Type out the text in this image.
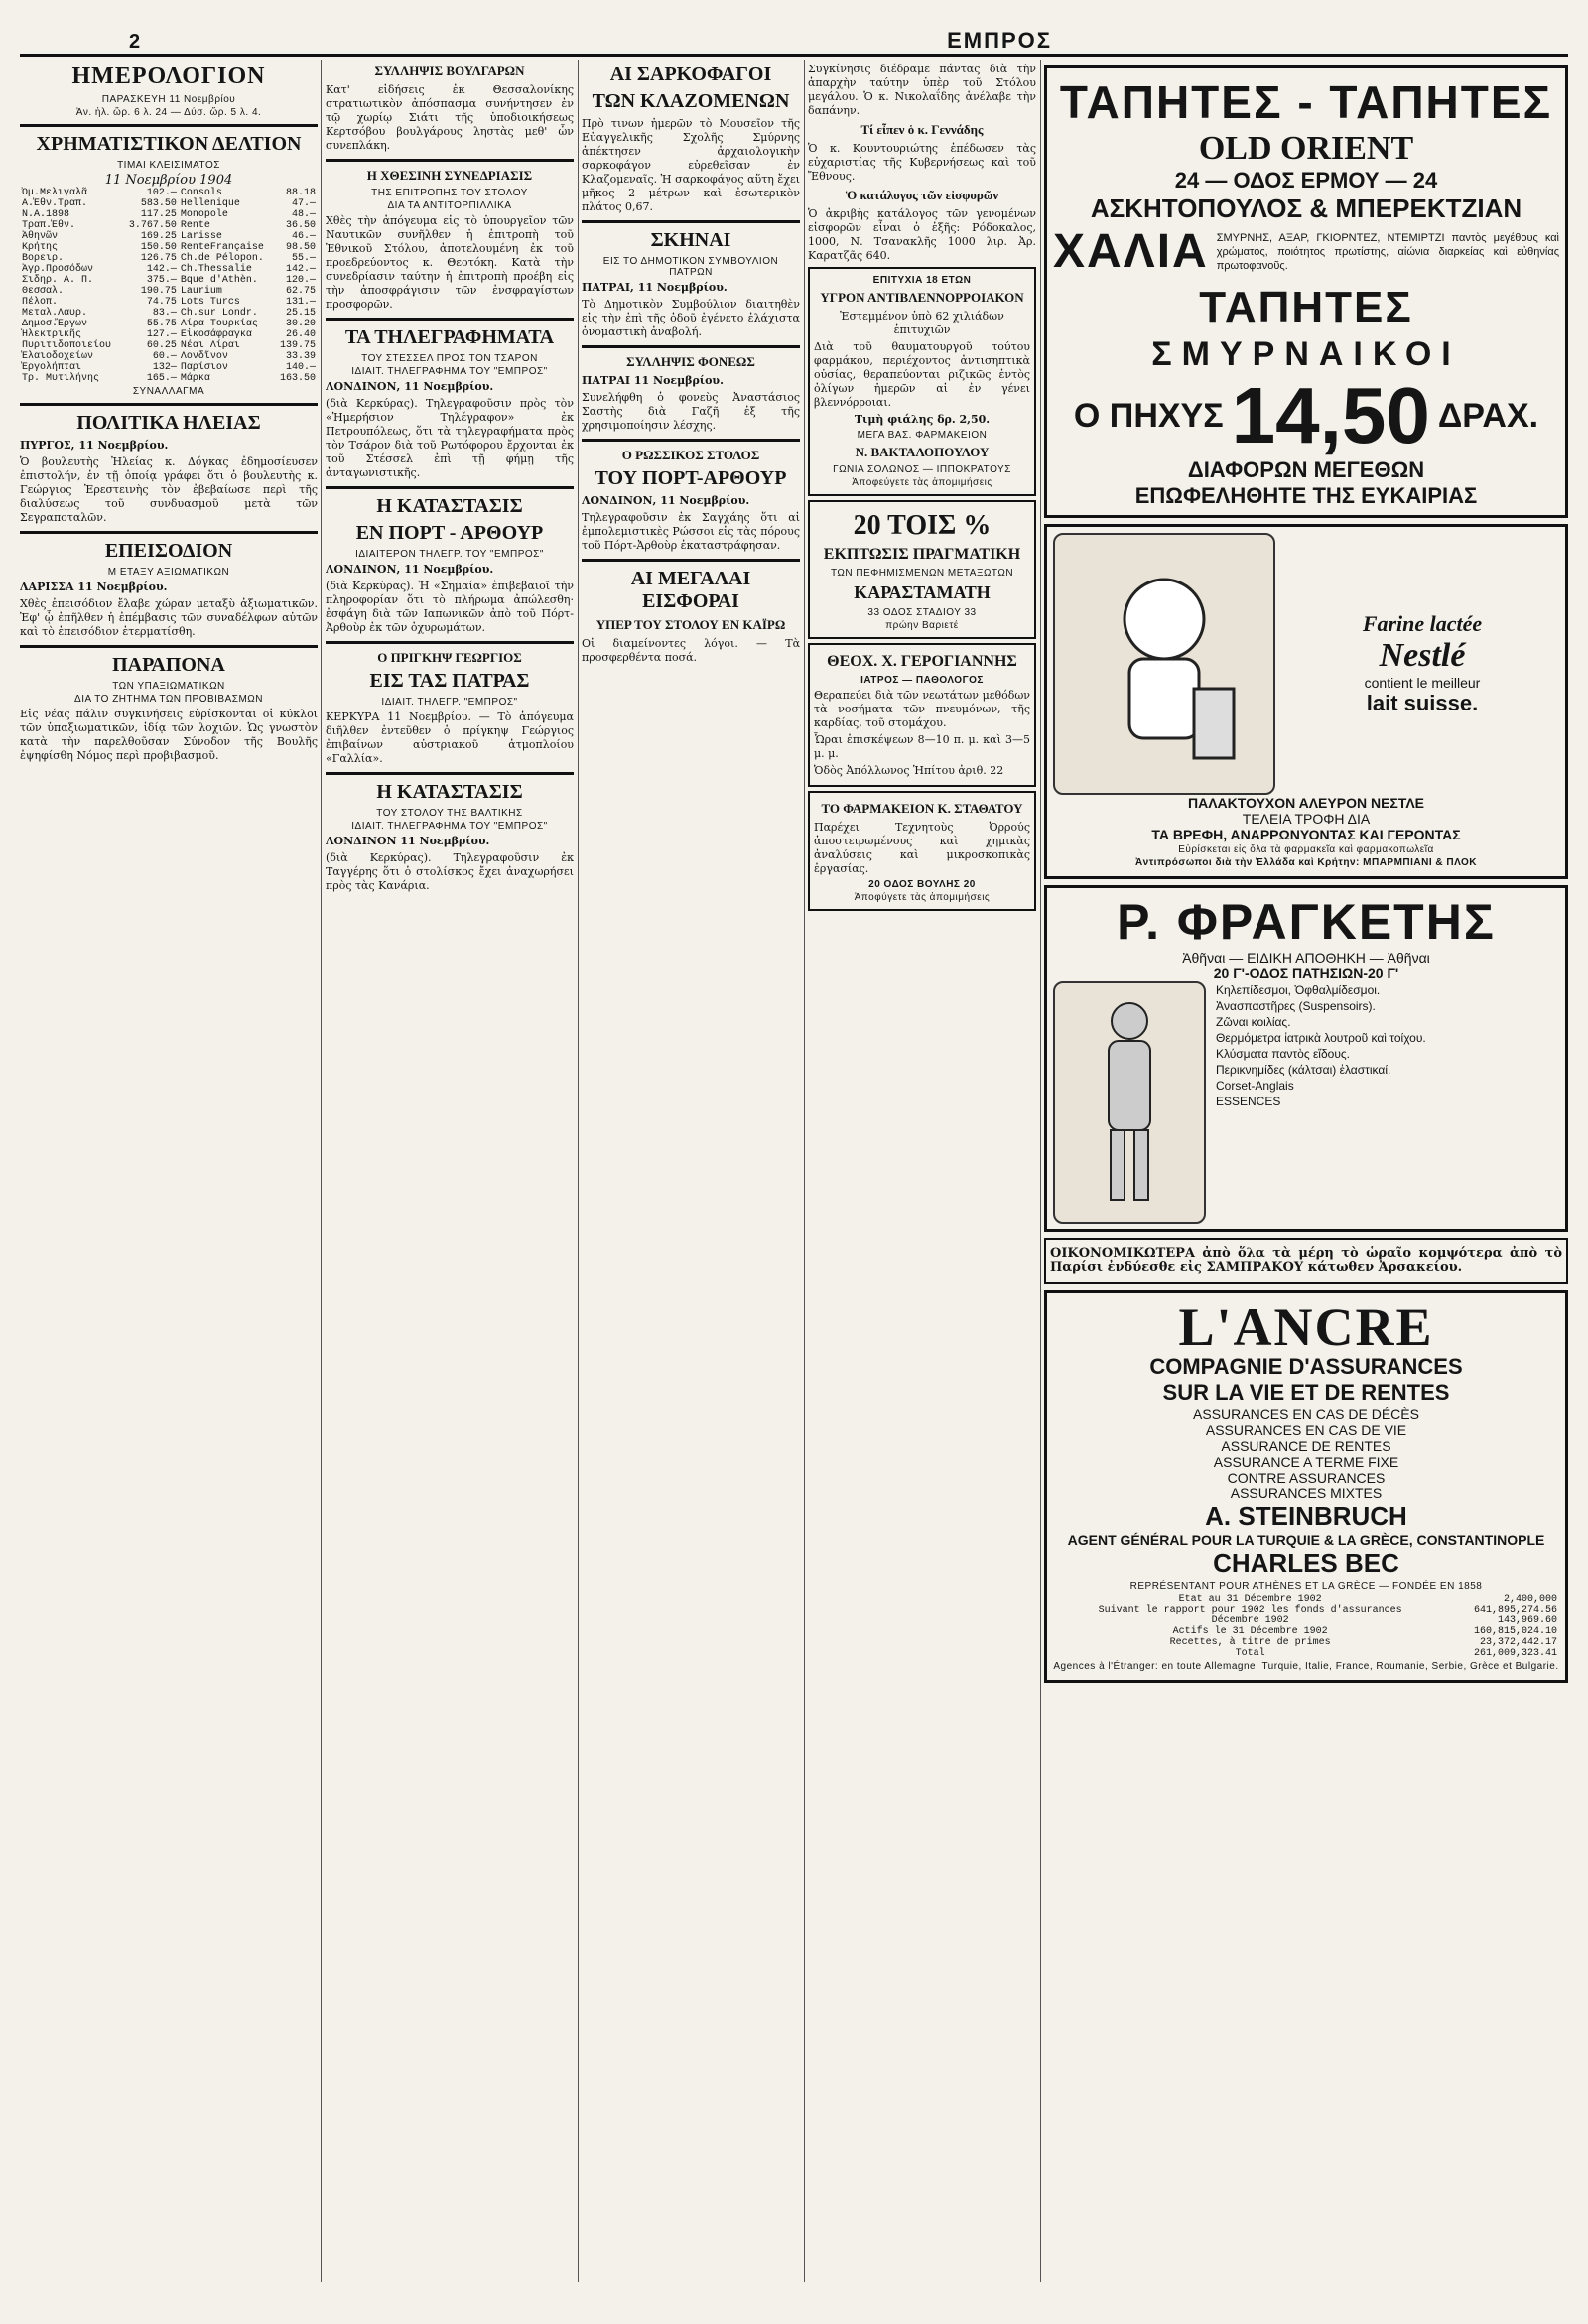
2	ΕΜΠΡΟΣ
ΗΜΕΡΟΛΟΓΙΟΝ
ΠΑΡΑΣΚΕΥΗ 11 Νοεμβρίου
Ἀν. ἡλ. ὥρ. 6 λ. 24 — Δύσ. ὥρ. 5 λ. 4.
ΧΡΗΜΑΤΙΣΤΙΚΟΝ ΔΕΛΤΙΟΝ
ΤΙΜΑΙ ΚΛΕΙΣΙΜΑΤΟΣ
11 Νοεμβρίου 1904
Ὀμ.Μελιγαλᾶ	102.—	Consols	88.18
Α.Ἐθν.Τραπ.	583.50	Hellenique	47.—
Ν.Α.1898	117.25	Monopole	48.—
Τραπ.Ἐθν.	3.767.50	Rente	36.50
Ἀθηνῶν	169.25	Larisse	46.—
Κρήτης	150.50	RenteFrançaise	98.50
Βορειρ.	126.75	Ch.de Pélopon.	55.—
Ἀγρ.Προσόδων	142.—	Ch.Thessalie	142.—
Σιδηρ. Α. Π.	375.—	Bque d'Athèn.	120.—
Θεσσαλ.	190.75	Laurium	62.75
Πέλοπ.	74.75	Lots Turcs	131.—
Μεταλ.Λαυρ.	83.—	Ch.sur Londr.	25.15
Δημοσ.Ἔργων	55.75	Λίρα Τουρκίας	30.20
Ἠλεκτρικῆς	127.—	Εἰκοσάφραγκα	26.40
Πυριτιδοποιείου	60.25	Νέαι Λίραι	139.75
Ἐλαιοδοχείων	60.—	Λονδῖνον	33.39
Ἐργολήπται	132—	Παρίσιον	140.—
Τρ. Μυτιλήνης	165.—	Μάρκα	163.50
ΣΥΝΑΛΛΑΓΜΑ
ΠΟΛΙΤΙΚΑ ΗΛΕΙΑΣ
ΠΥΡΓΟΣ, 11 Νοεμβρίου.
Ὁ βουλευτὴς Ἠλείας κ. Δόγκας ἐδημοσίευσεν ἐπιστολήν, ἐν τῇ ὁποίᾳ γράφει ὅτι ὁ βουλευτὴς κ. Γεώργιος Ἐρεστεινὴς τὸν ἐβεβαίωσε περὶ τῆς διαλύσεως τοῦ συνδυασμοῦ μετὰ τῶν Σεγραποταλῶν.
ΕΠΕΙΣΟΔΙΟΝ
Μ ΕΤΑΞΥ ΑΞΙΩΜΑΤΙΚΩΝ
ΛΑΡΙΣΣΑ 11 Νοεμβρίου.
Χθὲς ἐπεισόδιον ἔλαβε χώραν μεταξὺ ἀξιωματικῶν. Ἐφ' ᾧ ἐπῆλθεν ἡ ἐπέμβασις τῶν συναδέλφων αὐτῶν καὶ τὸ ἐπεισόδιον ἐτερματίσθη.
ΠΑΡΑΠΟΝΑ
ΤΩΝ ΥΠΑΞΙΩΜΑΤΙΚΩΝ
ΔΙΑ ΤΟ ΖΗΤΗΜΑ ΤΩΝ ΠΡΟΒΙΒΑΣΜΩΝ
Εἰς νέας πάλιν συγκινήσεις εὑρίσκονται οἱ κύκλοι τῶν ὑπαξιωματικῶν, ἰδίᾳ τῶν λοχιῶν. Ὡς γνωστὸν κατὰ τὴν παρελθοῦσαν Σύνοδον τῆς Βουλῆς ἐψηφίσθη Νόμος περὶ προβιβασμοῦ.
ΣΥΛΛΗΨΙΣ ΒΟΥΛΓΑΡΩΝ
Κατ' εἰδήσεις ἐκ Θεσσαλονίκης στρατιωτικὸν ἀπόσπασμα συνήντησεν ἐν τῷ χωρίῳ Σιάτι τῆς ὑποδιοικήσεως Κερτσόβου βουλγάρους ληστὰς μεθ' ὧν συνεπλάκη.
Η ΧΘΕΣΙΝΗ ΣΥΝΕΔΡΙΑΣΙΣ
ΤΗΣ ΕΠΙΤΡΟΠΗΣ ΤΟΥ ΣΤΟΛΟΥ
ΔΙΑ ΤΑ ΑΝΤΙΤΟΡΠΙΛΛΙΚΑ
Χθὲς τὴν ἀπόγευμα εἰς τὸ ὑπουργεῖον τῶν Ναυτικῶν συνῆλθεν ἡ ἐπιτροπὴ τοῦ Ἐθνικοῦ Στόλου, ἀποτελουμένη ἐκ τοῦ προεδρεύοντος κ. Θεοτόκη. Κατὰ τὴν συνεδρίασιν ταύτην ἡ ἐπιτροπὴ προέβη εἰς τὴν ἀποσφράγισιν τῶν ἐνσφραγίστων προσφορῶν.
ΤΑ ΤΗΛΕΓΡΑΦΗΜΑΤΑ
ΤΟΥ ΣΤΕΣΣΕΛ ΠΡΟΣ ΤΟΝ ΤΣΑΡΟΝ
ΙΔΙΑΙΤ. ΤΗΛΕΓΡΑΦΗΜΑ ΤΟΥ "ΕΜΠΡΟΣ"
ΛΟΝΔΙΝΟΝ, 11 Νοεμβρίου.
(διὰ Κερκύρας). Τηλεγραφοῦσιν πρὸς τὸν «Ἡμερήσιον Τηλέγραφον» ἐκ Πετρουπόλεως, ὅτι τὰ τηλεγραφήματα πρὸς τὸν Τσάρον διὰ τοῦ Ρωτόφορου ἔρχονται ἐκ τοῦ Στέσσελ ἐπὶ τῇ φήμῃ τῆς ἀνταγωνιστικῆς.
Η ΚΑΤΑΣΤΑΣΙΣ
ΕΝ ΠΟΡΤ - ΑΡΘΟΥΡ
ΙΔΙΑΙΤΕΡΟΝ ΤΗΛΕΓΡ. ΤΟΥ "ΕΜΠΡΟΣ"
ΛΟΝΔΙΝΟΝ, 11 Νοεμβρίου.
(διὰ Κερκύρας). Ἡ «Σημαία» ἐπιβεβαιοῖ τὴν πληροφορίαν ὅτι τὸ πλήρωμα ἀπώλεσθη· ἐσφάγη διὰ τῶν Ιαπωνικῶν ἀπὸ τοῦ Πόρτ-Ἀρθοὺρ ἐκ τῶν ὀχυρωμάτων.
Ο ΠΡΙΓΚΗΨ ΓΕΩΡΓΙΟΣ
ΕΙΣ ΤΑΣ ΠΑΤΡΑΣ
ΙΔΙΑΙΤ. ΤΗΛΕΓΡ. "ΕΜΠΡΟΣ"
ΚΕΡΚΥΡΑ 11 Νοεμβρίου. — Τὸ ἀπόγευμα διῆλθεν ἐντεῦθεν ὁ πρίγκηψ Γεώργιος ἐπιβαίνων αὐστριακοῦ ἀτμοπλοίου «Γαλλία».
Η ΚΑΤΑΣΤΑΣΙΣ
ΤΟΥ ΣΤΟΛΟΥ ΤΗΣ ΒΑΛΤΙΚΗΣ
ΙΔΙΑΙΤ. ΤΗΛΕΓΡΑΦΗΜΑ ΤΟΥ "ΕΜΠΡΟΣ"
ΛΟΝΔΙΝΟΝ 11 Νοεμβρίου.
(διὰ Κερκύρας). Τηλεγραφοῦσιν ἐκ Ταγγέρης ὅτι ὁ στολίσκος ἔχει ἀναχωρήσει πρὸς τὰς Κανάρια.
ΑΙ ΣΑΡΚΟΦΑΓΟΙ
ΤΩΝ ΚΛΑΖΟΜΕΝΩΝ
Πρὸ τινων ἡμερῶν τὸ Μουσεῖον τῆς Εὐαγγελικῆς Σχολῆς Σμύρνης ἀπέκτησεν ἀρχαιολογικὴν σαρκοφάγον εὑρεθεῖσαν ἐν Κλαζομεναῖς. Ἡ σαρκοφάγος αὕτη ἔχει μῆκος 2 μέτρων καὶ ἐσωτερικὸν πλάτος 0,67.
ΣΚΗΝΑΙ
ΕΙΣ ΤΟ ΔΗΜΟΤΙΚΟΝ ΣΥΜΒΟΥΛΙΟΝ ΠΑΤΡΩΝ
ΠΑΤΡΑΙ, 11 Νοεμβρίου.
Τὸ Δημοτικὸν Συμβούλιον διαιτηθὲν εἰς τὴν ἐπὶ τῆς ὁδοῦ ἐγένετο ἐλάχιστα ὀνομαστικὴ ἀναβολή.
ΣΥΛΛΗΨΙΣ ΦΟΝΕΩΣ
ΠΑΤΡΑΙ 11 Νοεμβρίου.
Συνελήφθη ὁ φονεὺς Ἀναστάσιος Σαστὴς διὰ Γαζῆ ἐξ τῆς χρησιμοποίησιν λέσχης.
Ο ΡΩΣΣΙΚΟΣ ΣΤΟΛΟΣ
ΤΟΥ ΠΟΡΤ-ΑΡΘΟΥΡ
ΛΟΝΔΙΝΟΝ, 11 Νοεμβρίου.
Τηλεγραφοῦσιν ἐκ Σαγχάης ὅτι αἱ ἐμπολεμιστικὲς Ρώσσοι εἰς τὰς πόρους τοῦ Πόρτ-Ἀρθοὺρ ἐκαταστράφησαν.
ΑΙ ΜΕΓΑΛΑΙ ΕΙΣΦΟΡΑΙ
ΥΠΕΡ ΤΟΥ ΣΤΟΛΟΥ ΕΝ ΚΑΪΡΩ
Οἱ διαμείνοντες λόγοι. — Τὰ προσφερθέντα ποσά.
Συγκίνησις διέδραμε πάντας διὰ τὴν ἀπαρχὴν ταύτην ὑπὲρ τοῦ Στόλου μεγάλου. Ὁ κ. Νικολαΐδης ἀνέλαβε τὴν δαπάνην.
Τί εἶπεν ὁ κ. Γεννάδης
Ὁ κ. Κουντουριώτης ἐπέδωσεν τὰς εὐχαριστίας τῆς Κυβερνήσεως καὶ τοῦ Ἔθνους.
Ὁ κατάλογος τῶν εἰσφορῶν
Ὁ ἀκριβὴς κατάλογος τῶν γενομένων εἰσφορῶν εἶναι ὁ ἑξῆς: Ρόδοκαλος, 1000, Ν. Τσανακλῆς 1000 λιρ. Ἀρ. Καρατζᾶς 640.
ΕΠΙΤΥΧΙΑ 18 ΕΤΩΝ
ΥΓΡΟΝ ΑΝΤΙΒΛΕΝΝΟΡΡΟΙΑΚΟΝ
Ἐστεμμένον ὑπὸ 62 χιλιάδων ἐπιτυχιῶν
Διὰ τοῦ θαυματουργοῦ τούτου φαρμάκου, περιέχοντος ἀντισηπτικὰ οὐσίας, θεραπεύονται ριζικῶς ἐντὸς ὀλίγων ἡμερῶν αἱ ἐν γένει βλεννόρροιαι.
Τιμὴ φιάλης δρ. 2,50.
ΜΕΓΑ ΒΑΣ. ΦΑΡΜΑΚΕΙΟΝ
Ν. ΒΑΚΤΑΛΟΠΟΥΛΟΥ
ΓΩΝΙΑ ΣΟΛΩΝΟΣ — ΙΠΠΟΚΡΑΤΟΥΣ
Ἀποφεύγετε τὰς ἀπομιμήσεις
20 ΤΟΙΣ %
ΕΚΠΤΩΣΙΣ ΠΡΑΓΜΑΤΙΚΗ
ΤΩΝ ΠΕΦΗΜΙΣΜΕΝΩΝ ΜΕΤΑΞΩΤΩΝ
ΚΑΡΑΣΤΑΜΑΤΗ
33 ΟΔΟΣ ΣΤΑΔΙΟΥ 33
πρώην Βαριετέ
ΘΕΟΧ. Χ. ΓΕΡΟΓΙΑΝΝΗΣ
ΙΑΤΡΟΣ — ΠΑΘΟΛΟΓΟΣ
Θεραπεύει διὰ τῶν νεωτάτων μεθόδων τὰ νοσήματα τῶν πνευμόνων, τῆς καρδίας, τοῦ στομάχου.
Ὧραι ἐπισκέψεων 8—10 π. μ. καὶ 3—5 μ. μ.
Ὁδὸς Ἀπόλλωνος Ἡπίτου ἀριθ. 22
ΤΟ ΦΑΡΜΑΚΕΙΟΝ Κ. ΣΤΑΘΑΤΟΥ
Παρέχει Τεχνητοὺς Ὀρρούς ἀποστειρωμένους καὶ χημικὰς ἀναλύσεις καὶ μικροσκοπικὰς ἐργασίας.
20 ΟΔΟΣ ΒΟΥΛΗΣ 20
Ἀποφύγετε τὰς ἀπομιμήσεις
ΤΑΠΗΤΕΣ - ΤΑΠΗΤΕΣ
OLD ORIENT
24 — ΟΔΟΣ ΕΡΜΟΥ — 24
ΑΣΚΗΤΟΠΟΥΛΟΣ & ΜΠΕΡΕΚΤΖΙΑΝ
ΧΑΛΙΑ ΣΜΥΡΝΗΣ, ΑΞΑΡ, ΓΚΙΟΡΝΤΕΖ, ΝΤΕΜΙΡΤΖΙ παντὸς μεγέθους καὶ χρώματος, ποιότητος πρωτίστης, αἰώνια διαρκείας καὶ εὐθηνίας πρωτοφανοῦς.
ΤΑΠΗΤΕΣ
ΣΜΥΡΝΑΙΚΟΙ
Ο ΠΗΧΥΣ 14,50 ΔΡΑΧ.
ΔΙΑΦΟΡΩΝ ΜΕΓΕΘΩΝ
ΕΠΩΦΕΛΗΘΗΤΕ ΤΗΣ ΕΥΚΑΙΡΙΑΣ
Farine lactée
Nestlé
contient le meilleur
lait suisse.
ΠΑΛΑΚΤΟΥΧΟΝ ΑΛΕΥΡΟΝ ΝΕΣΤΛΕ
ΤΕΛΕΙΑ ΤΡΟΦΗ ΔΙΑ
ΤΑ ΒΡΕΦΗ, ΑΝΑΡΡΩΝΥΟΝΤΑΣ ΚΑΙ ΓΕΡΟΝΤΑΣ
Εὑρίσκεται εἰς ὅλα τὰ φαρμακεῖα καὶ φαρμακοπωλεῖα
Ἀντιπρόσωποι διὰ τὴν Ἑλλάδα καὶ Κρήτην: ΜΠΑΡΜΠΙΑΝΙ & ΠΛΟΚ
Ρ. ΦΡΑΓΚΕΤΗΣ
Ἀθῆναι — ΕΙΔΙΚΗ ΑΠΟΘΗΚΗ — Ἀθῆναι
20 Γ'-ΟΔΟΣ ΠΑΤΗΣΙΩΝ-20 Γ'
Κηλεπίδεσμοι, Ὀφθαλμίδεσμοι.
Ἀνασπαστῆρες (Suspensoirs).
Ζῶναι κοιλίας.
Θερμόμετρα ἰατρικὰ λουτροῦ καὶ τοίχου.
Κλύσματα παντὸς εἴδους.
Περικνημίδες (κάλτσαι) ἐλαστικαί.
Corset-Anglais
ESSENCES
ΟΙΚΟΝΟΜΙΚΩΤΕΡΑ ἀπὸ ὅλα τὰ μέρη τὸ ὡραῖο κομψότερα ἀπὸ τὸ Παρίσι ἐνδύεσθε εἰς ΣΑΜΠΡΑΚΟΥ κάτωθεν Ἀρσακείου.
L'ANCRE
COMPAGNIE D'ASSURANCES
SUR LA VIE ET DE RENTES
ASSURANCES EN CAS DE DÉCÈS
ASSURANCES EN CAS DE VIE
ASSURANCE DE RENTES
ASSURANCE A TERME FIXE
CONTRE ASSURANCES
ASSURANCES MIXTES
A. STEINBRUCH
AGENT GÉNÉRAL POUR LA TURQUIE & LA GRÈCE, CONSTANTINOPLE
CHARLES BEC
REPRÉSENTANT POUR ATHÈNES ET LA GRÈCE — FONDÉE EN 1858
Etat au 31 Décembre 1902	2,400,000
Suivant le rapport pour 1902 les fonds d'assurances	641,895,274.56
Décembre 1902	143,969.60
Actifs le 31 Décembre 1902	160,815,024.10
Recettes, à titre de primes	23,372,442.17
Total	261,009,323.41
Agences à l'Étranger: en toute Allemagne, Turquie, Italie, France, Roumanie, Serbie, Grèce et Bulgarie.
